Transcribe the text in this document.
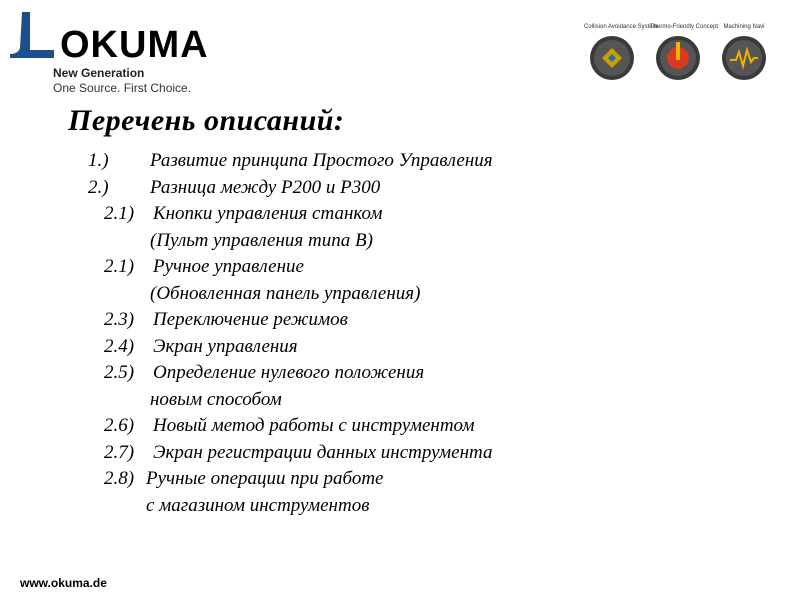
OKUMA
New Generation
One Source. First Choice.
Collision Avoidance System
Thermo-Friendly Concept Machining Navi
Перечень описаний:
1.) Развитие принципа Простого Управления
2.) Разница между P200 и P300
2.1) Кнопки управления станком
(Пульт управления типа В)
2.1) Ручное управление
(Обновленная панель управления)
2.3) Переключение режимов
2.4) Экран управления
2.5) Определение нулевого положения
новым способом
2.6) Новый метод работы с инструментом
2.7) Экран регистрации данных инструмента
2.8) Ручные операции при работе
с магазином инструментов
www.okuma.de
